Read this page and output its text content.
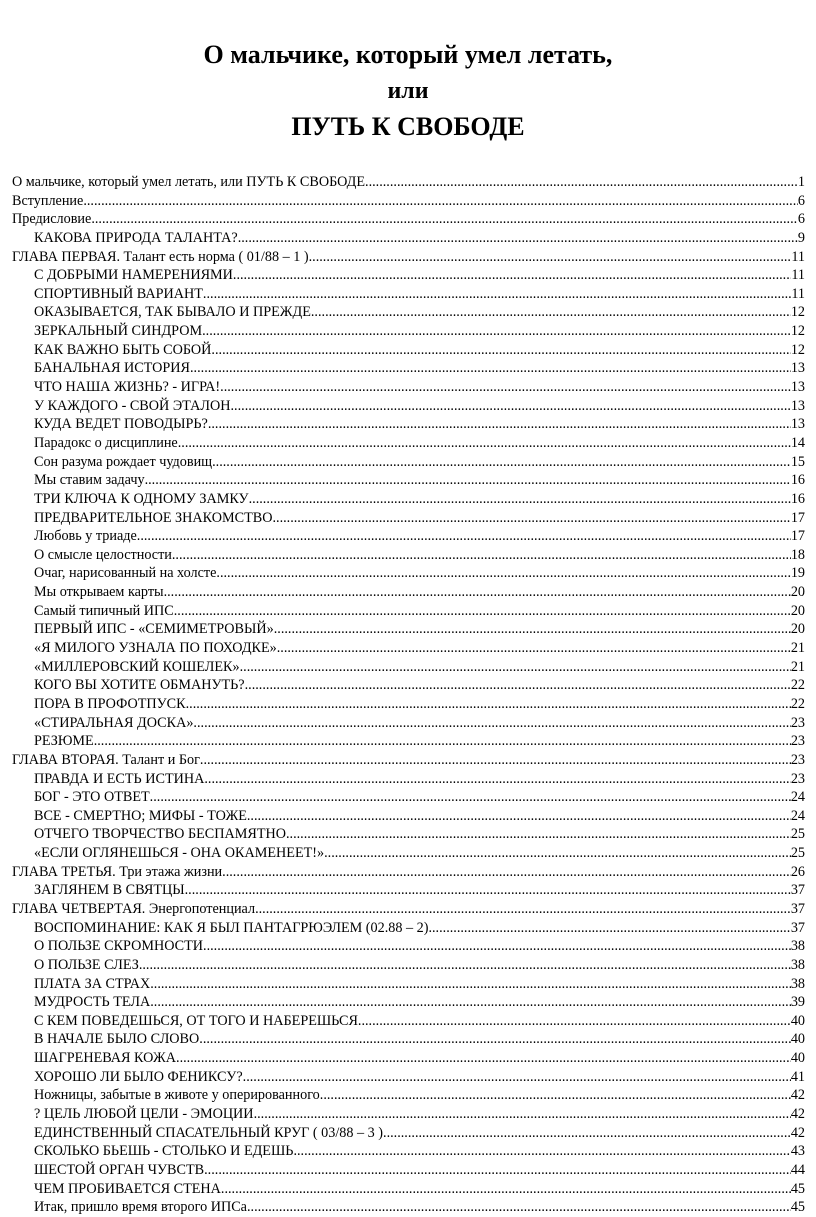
О мальчике, который умел летать,
или
ПУТЬ К СВОБОДЕ
О мальчике, который умел летать, или ПУТЬ К СВОБОДЕ .....	1
Вступление .....	6
Предисловие .....	6
КАКОВА ПРИРОДА ТАЛАНТА? .....	9
ГЛАВА ПЕРВАЯ. Талант есть норма ( 01/88 – 1 ) .....	11
С ДОБРЫМИ НАМЕРЕНИЯМИ .....	11
СПОРТИВНЫЙ ВАРИАНТ .....	11
ОКАЗЫВАЕТСЯ, ТАК БЫВАЛО И ПРЕЖДЕ .....	12
ЗЕРКАЛЬНЫЙ СИНДРОМ .....	12
КАК ВАЖНО БЫТЬ СОБОЙ .....	12
БАНАЛЬНАЯ ИСТОРИЯ .....	13
ЧТО НАША ЖИЗНЬ? - ИГРА! .....	13
У КАЖДОГО - СВОЙ ЭТАЛОН .....	13
КУДА ВЕДЕТ ПОВОДЫРЬ? .....	13
Парадокс о дисциплине .....	14
Сон разума рождает чудовищ .....	15
Мы ставим задачу .....	16
ТРИ КЛЮЧА К ОДНОМУ ЗАМКУ .....	16
ПРЕДВАРИТЕЛЬНОЕ ЗНАКОМСТВО .....	17
Любовь у триаде .....	17
О смысле целостности .....	18
Очаг, нарисованный на холсте .....	19
Мы открываем карты .....	20
Самый типичный ИПС .....	20
ПЕРВЫЙ ИПС - «СЕМИМЕТРОВЫЙ». .....	20
«Я МИЛОГО УЗНАЛА ПО ПОХОДКЕ» .....	21
«МИЛЛЕРОВСКИЙ КОШЕЛЕК» .....	21
КОГО ВЫ ХОТИТЕ ОБМАНУТЬ? .....	22
ПОРА В ПРОФОТПУСК .....	22
«СТИРАЛЬНАЯ ДОСКА» .....	23
РЕЗЮМЕ .....	23
ГЛАВА ВТОРАЯ. Талант и Бог .....	23
ПРАВДА И ЕСТЬ ИСТИНА .....	23
БОГ - ЭТО ОТВЕТ .....	24
ВСЕ - СМЕРТНО; МИФЫ - ТОЖЕ .....	24
ОТЧЕГО ТВОРЧЕСТВО БЕСПАМЯТНО .....	25
«ЕСЛИ ОГЛЯНЕШЬСЯ - ОНА ОКАМЕНЕЕТ!» .....	25
ГЛАВА ТРЕТЬЯ. Три этажа жизни .....	26
ЗАГЛЯНЕМ В СВЯТЦЫ .....	37
ГЛАВА ЧЕТВЕРТАЯ. Энергопотенциал .....	37
ВОСПОМИНАНИЕ: КАК Я БЫЛ ПАНТАГРЮЭЛЕМ (02.88 – 2) .....	37
О ПОЛЬЗЕ СКРОМНОСТИ .....	38
О ПОЛЬЗЕ СЛЕЗ .....	38
ПЛАТА ЗА СТРАХ .....	38
МУДРОСТЬ ТЕЛА .....	39
С КЕМ ПОВЕДЕШЬСЯ, ОТ ТОГО И НАБЕРЕШЬСЯ .....	40
В НАЧАЛЕ БЫЛО СЛОВО .....	40
ШАГРЕНЕВАЯ КОЖА .....	40
ХОРОШО ЛИ БЫЛО ФЕНИКСУ? .....	41
Ножницы, забытые в животе у оперированного .....	42
? ЦЕЛЬ ЛЮБОЙ ЦЕЛИ - ЭМОЦИИ .....	42
ЕДИНСТВЕННЫЙ СПАСАТЕЛЬНЫЙ КРУГ ( 03/88 – 3 ) .....	42
СКОЛЬКО БЬЕШЬ - СТОЛЬКО И ЕДЕШЬ .....	43
ШЕСТОЙ ОРГАН ЧУВСТВ .....	44
ЧЕМ ПРОБИВАЕТСЯ СТЕНА .....	45
Итак, пришло время второго ИПСа .....	45
